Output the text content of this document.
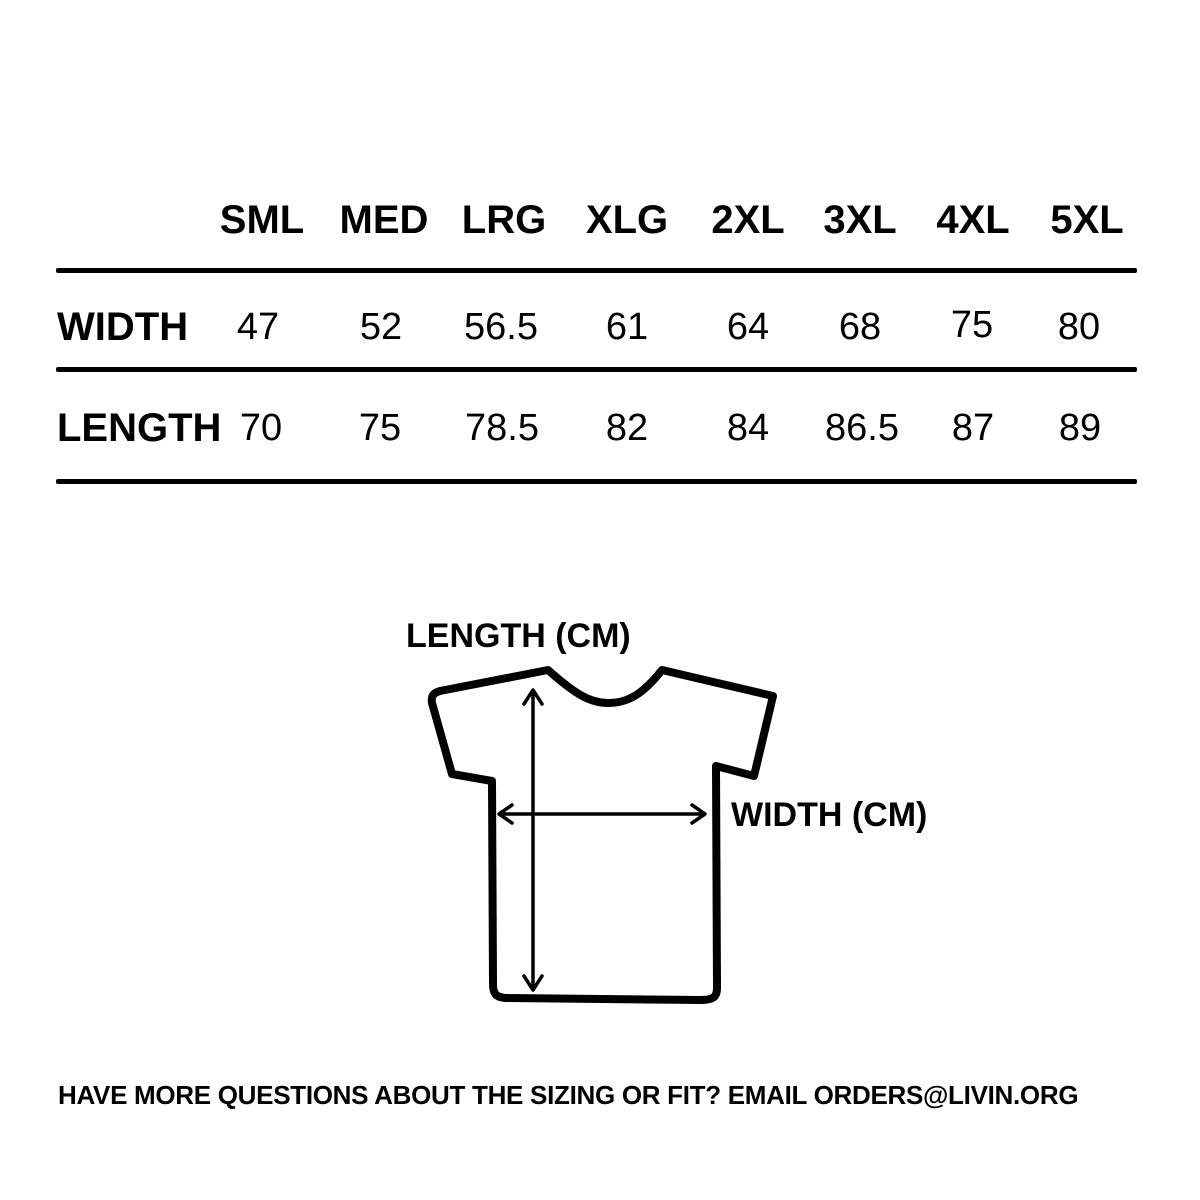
SML MED LRG XLG 2XL 3XL 4XL 5XL
WIDTH 47 52 56.5 61 64 68 75 80
LENGTH 70 75 78.5 82 84 86.5 87 89
LENGTH (CM)
WIDTH (CM)
HAVE MORE QUESTIONS ABOUT THE SIZING OR FIT? EMAIL ORDERS@LIVIN.ORG
